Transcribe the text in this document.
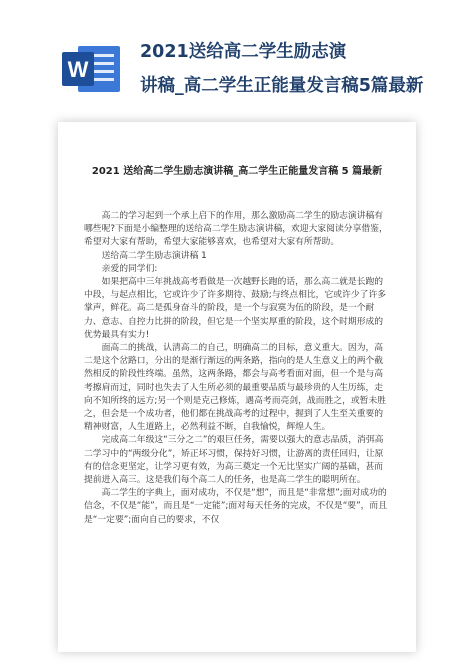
W
2021送给高二学生励志演
讲稿_高二学生正能量发言稿5篇最新
2021 送给高二学生励志演讲稿_高二学生正能量发言稿 5 篇最新

高二的学习起到一个承上启下的作用，那么激励高二学生的励志演讲稿有哪些呢?下面是小编整理的送给高二学生励志演讲稿，欢迎大家阅读分享借鉴，希望对大家有帮助，希望大家能够喜欢，也希望对大家有所帮助。

送给高二学生励志演讲稿 1

亲爱的同学们:

如果把高中三年挑战高考看做是一次越野长跑的话，那么高二就是长跑的中段，与起点相比，它或许少了许多期待、鼓励;与终点相比，它或许少了许多掌声，鲜花。高二是孤身奋斗的阶段，是一个与寂寞为伍的阶段，是一个耐力、意志、自控力比拼的阶段，但它是一个坚实厚重的阶段，这个时期形成的优势最具有实力!

面高二的挑战，认清高二的自己，明确高二的目标，意义重大。因为，高二是这个岔路口，分出的是渐行渐远的两条路，指向的是人生意义上的两个截然相反的阶段性终端。虽然，这两条路，都会与高考看面对面，但一个是与高考擦肩而过，同时也失去了人生所必须的最重要品质与最珍贵的人生历练，走向不知所终的远方;另一个则是克己修炼，遇高考而亮剑，战而胜之，或暂未胜之，但会是一个成功者，他们都在挑战高考的过程中，握到了人生至关重要的精神财富，人生道路上，必然利益不断，自我愉悦，辉煌人生。

完成高二年级这“三分之二”的艰巨任务，需要以强大的意志品质，消弭高二学习中的“两级分化”，矫正坏习惯，保持好习惯，让游离的责任回归，让原有的信念更坚定，让学习更有效，为高三奠定一个无比坚实广阔的基础，甚而提前进入高三。这是我们每个高二人的任务，也是高二学生的聪明所在。

高二学生的字典上，面对成功，不仅是“想”，而且是“非常想”;面对成功的信念，不仅是“能”，而且是“一定能”;面对每天任务的完成，不仅是“要”，而且是“一定要”;面向自己的要求，不仅
